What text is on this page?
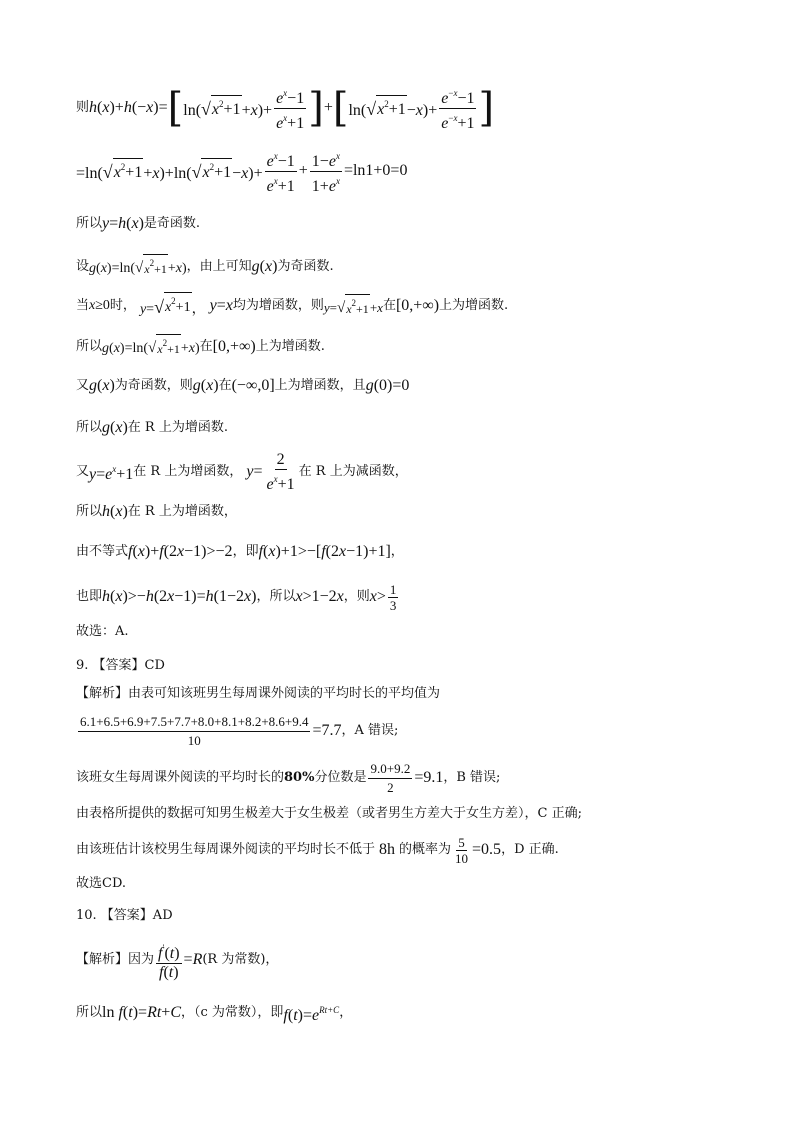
则 h(x)+h(−x)= [ ln( √ $x^2+1 +x)+ \frac{e^x-1}{e^x+1}$ ] + [ ln( √ $x^2+1 -x)+ \frac{e^{-x}-1}{e^{-x}+1}$ ]
=ln( √ $x^2+1 +x)+\ln$( √ $x^2+1 -x)+ \frac{e^x-1}{e^x+1} + \frac{1-e^x}{1+e^x} =\ln 1+0=0$
所以 y=h(x) 是奇函数.
设 g(x)=ln( √ $x^2+1 +x$) ，由上可知 g(x) 为奇函数.
当 x≥0 时， y= √ $x^2+1$ ， y=x 均为增函数，则 y= √ $x^2+1 +x$ 在 [0,+∞) 上为增函数.
所以 g(x)=ln( √ $x^2+1 +x$) 在 [0,+∞) 上为增函数.
又 g(x) 为奇函数，则 g(x) 在 (−∞,0] 上为增函数，且 g(0)=0
所以 g(x) 在 R 上为增函数.
又 $y=e^x+1$ 在 R 上为增函数， $y= \frac{2}{e^x+1}$ 在 R 上为减函数，
所以 h(x) 在 R 上为增函数，
由不等式 f(x)+f(2x−1)>−2 ，即 f(x)+1>−[f(2x−1)+1] ，
也即 h(x)>−h(2x−1)=h(1−2x) ，所以 x>1−2x ，则 $x> \frac{1}{3}$
故选：A.
9. 【答案】CD
【解析】由表可知该班男生每周课外阅读的平均时长的平均值为
$\frac{6.1+6.5+6.9+7.5+7.7+8.0+8.1+8.2+8.6+9.4}{10} =7.7$ ，A 错误;
该班女生每周课外阅读的平均时长的 80% 分位数是 $\frac{9.0+9.2}{2} =9.1$ ，B 错误;
由表格所提供的数据可知男生极差大于女生极差（或者男生方差大于女生方差），C 正确;
由该班估计该校男生每周课外阅读的平均时长不低于 8h 的概率为 $\frac{5}{10} =0.5$ ，D 正确.
故选CD.
10. 【答案】AD
【解析】因为 $\frac{f'(t)}{f(t)} =R$ (R 为常数)，
所以 ln f(t)=Rt+C ，（c 为常数），即 $f(t)=e^{Rt+C}$ ，
